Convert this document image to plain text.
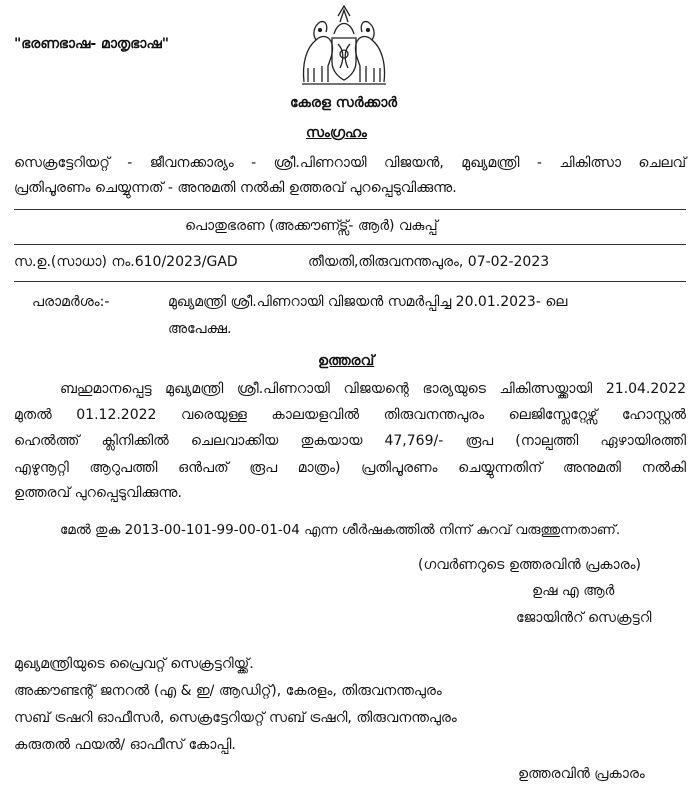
"ഭരണഭാഷ- മാതൃഭാഷ"
കേരള സർക്കാർ
സംഗ്രഹം
സെക്രട്ടേറിയറ്റ് - ജീവനക്കാര്യം - ശ്രീ.പിണറായി വിജയൻ, മുഖ്യമന്ത്രി - ചികിത്സാ ചെലവ്
പ്രതിപൂരണം ചെയ്യുന്നത് - അനുമതി നൽകി ഉത്തരവ് പുറപ്പെടുവിക്കുന്നു.
പൊതുഭരണ (അക്കൗണ്ട്സ്- ആർ) വകുപ്പ്
സ.ഉ.(സാധാ) നം.610/2023/GAD	തീയതി,തിരുവനന്തപുരം, 07-02-2023
പരാമർശം:-	മുഖ്യമന്ത്രി ശ്രീ.പിണറായി വിജയൻ സമർപ്പിച്ച 20.01.2023- ലെ
അപേക്ഷ.
ഉത്തരവ്
ബഹുമാനപ്പെട്ട മുഖ്യമന്ത്രി ശ്രീ.പിണറായി വിജയന്റെ ഭാര്യയുടെ ചികിത്സയ്ക്കായി 21.04.2022
മുതൽ 01.12.2022 വരെയുള്ള കാലയളവിൽ തിരുവനന്തപുരം ലെജിസ്ലേറ്റേഴ്സ് ഹോസ്റ്റൽ
ഹെൽത്ത് ക്ലിനിക്കിൽ ചെലവാക്കിയ തുകയായ 47,769/- രൂപ (നാല്പത്തി ഏഴായിരത്തി
എഴുനൂറ്റി ആറുപത്തി ഒൻപത് രൂപ മാത്രം) പ്രതിപൂരണം ചെയ്യുന്നതിന് അനുമതി നൽകി
ഉത്തരവ് പുറപ്പെടുവിക്കുന്നു.
മേൽ തുക 2013-00-101-99-00-01-04 എന്ന ശീർഷകത്തിൽ നിന്ന് കുറവ് വരുത്തുന്നതാണ്.
(ഗവർണറുടെ ഉത്തരവിൻ പ്രകാരം)
ഉഷ എ ആർ
ജോയിൻറ് സെക്രട്ടറി
മുഖ്യമന്ത്രിയുടെ പ്രൈവറ്റ് സെക്രട്ടറിയ്ക്ക്.
അക്കൗണ്ടന്റ് ജനറൽ (എ & ഇ/ ആഡിറ്റ്), കേരളം, തിരുവനന്തപുരം
സബ് ട്രഷറി ഓഫീസർ, സെക്രട്ടേറിയറ്റ് സബ് ട്രഷറി, തിരുവനന്തപുരം
കരുതൽ ഫയൽ/ ഓഫീസ് കോപ്പി.
ഉത്തരവിൻ പ്രകാരം
